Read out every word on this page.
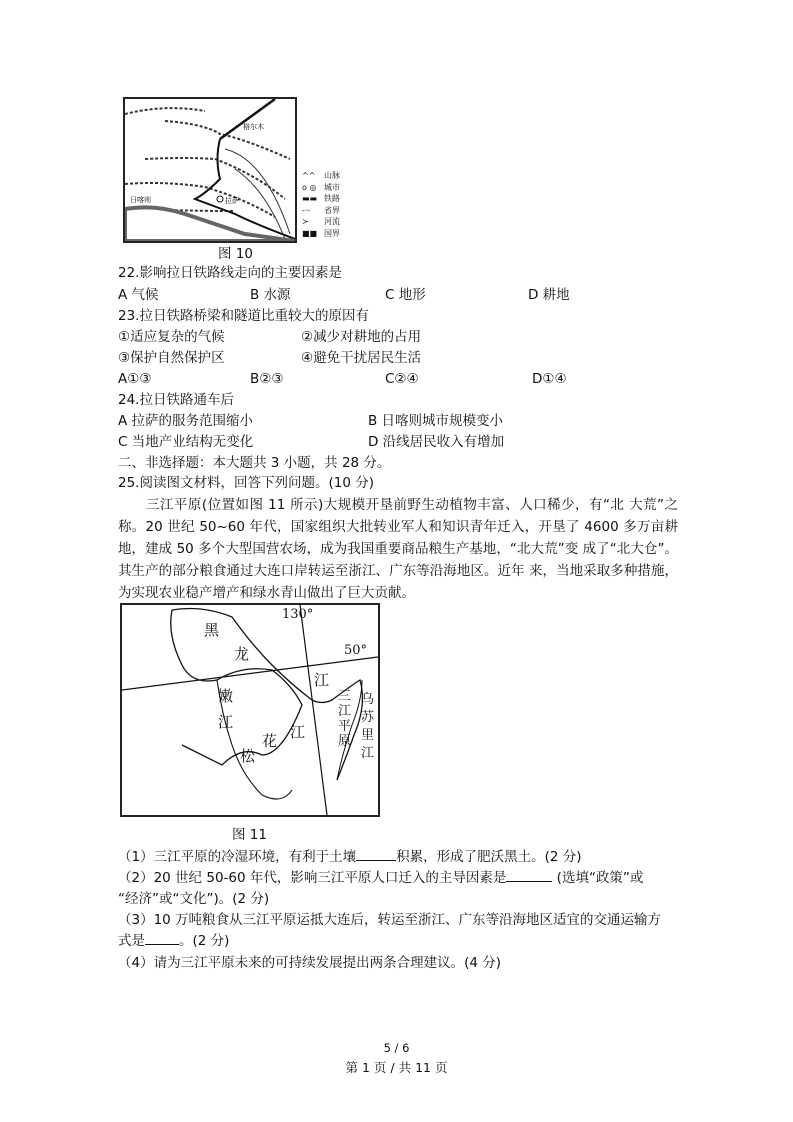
拉萨
格尔木
日喀则
^^ 山脉
o ◎ 城市
▬▬ 铁路
-·- 省界
≻ 河流
■■ 国界
图 10
22.影响拉日铁路线走向的主要因素是
A 气候	B 水源	C 地形	D 耕地
23.拉日铁路桥梁和隧道比重较大的原因有
①适应复杂的气候	②减少对耕地的占用
③保护自然保护区	④避免干扰居民生活
A①③	B②③	C②④	D①④
24.拉日铁路通车后
A 拉萨的服务范围缩小	B 日喀则城市规模变小
C 当地产业结构无变化	D 沿线居民收入有增加
二、非选择题：本大题共 3 小题，共 28 分。
25.阅读图文材料，回答下列问题。(10 分)
三江平原(位置如图 11 所示)大规模开垦前野生动植物丰富、人口稀少，有“北 大荒”之称。20 世纪 50~60 年代，国家组织大批转业军人和知识青年迁入，开垦了 4600 多万亩耕地，建成 50 多个大型国营农场，成为我国重要商品粮生产基地，“北大荒”变 成了“北大仓”。其生产的部分粮食通过大连口岸转运至浙江、广东等沿海地区。近年 来，当地采取多种措施，为实现农业稳产增产和绿水青山做出了巨大贡献。
130°
50°
黑
龙
江
嫩
江
松
花 江
三江平原
乌苏里江
图 11
（1）三江平原的冷湿环境，有利于土壤	积累，形成了肥沃黑土。(2 分)
（2）20 世纪 50-60 年代，影响三江平原人口迁入的主导因素是	(选填“政策”或
“经济”或“文化”)。(2 分)
（3）10 万吨粮食从三江平原运抵大连后，转运至浙江、广东等沿海地区适宜的交通运输方
式是	。(2 分)
（4）请为三江平原未来的可持续发展提出两条合理建议。(4 分)
5 / 6
第 1 页 / 共 11 页
